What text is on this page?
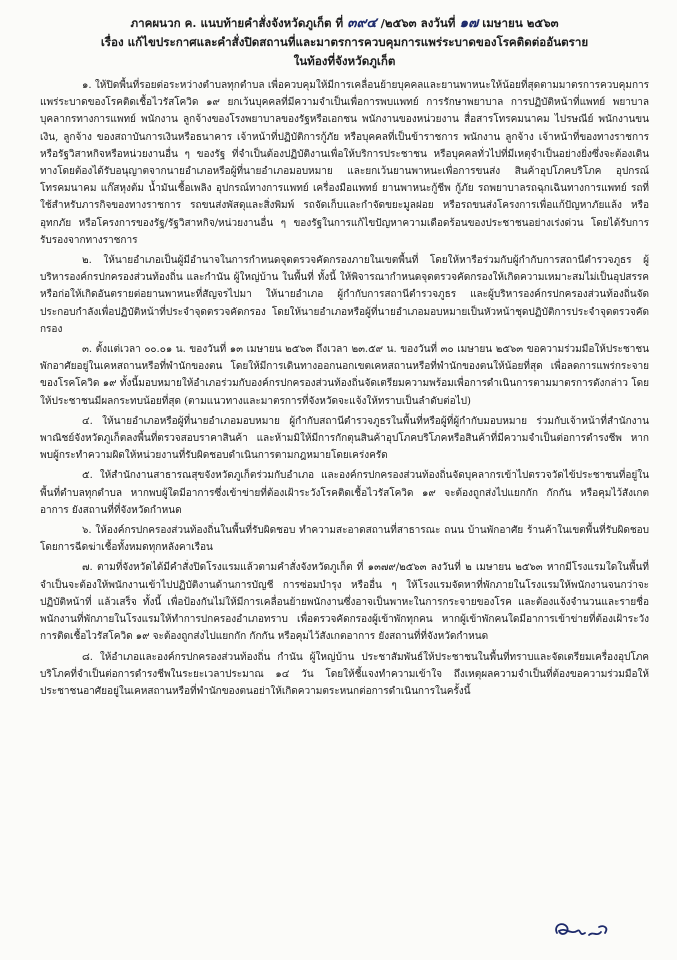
ภาคผนวก ค. แนบท้ายคำสั่งจังหวัดภูเก็ต ที่ ๓๙๔ /๒๕๖๓ ลงวันที่ ๑๗ เมษายน ๒๕๖๓
เรื่อง แก้ไขประกาศและคำสั่งปิดสถานที่และมาตรการควบคุมการแพร่ระบาดของโรคติดต่ออันตราย
ในท้องที่จังหวัดภูเก็ต

๑. ให้ปิดพื้นที่รอยต่อระหว่างตำบลทุกตำบล เพื่อควบคุมให้มีการเคลื่อนย้ายบุคคลและยานพาหนะให้น้อยที่สุดตามมาตรการควบคุมการแพร่ระบาดของโรคติดเชื้อไวรัสโควิด ๑๙ ยกเว้นบุคคลที่มีความจำเป็นเพื่อการพบแพทย์ การรักษาพยาบาล การปฏิบัติหน้าที่แพทย์ พยาบาล บุคลากรทางการแพทย์ พนักงาน ลูกจ้างของโรงพยาบาลของรัฐหรือเอกชน พนักงานของหน่วยงาน สื่อสารโทรคมนาคม ไปรษณีย์ พนักงานขนเงิน, ลูกจ้าง ของสถาบันการเงินหรือธนาคาร เจ้าหน้าที่ปฏิบัติการกู้ภัย หรือบุคคลที่เป็นข้าราชการ พนักงาน ลูกจ้าง เจ้าหน้าที่ของทางราชการหรือรัฐวิสาหกิจหรือหน่วยงานอื่น ๆ ของรัฐ ที่จำเป็นต้องปฏิบัติงานเพื่อให้บริการประชาชน หรือบุคคลทั่วไปที่มีเหตุจำเป็นอย่างยิ่งซึ่งจะต้องเดินทางโดยต้องได้รับอนุญาตจากนายอำเภอหรือผู้ที่นายอำเภอมอบหมาย และยกเว้นยานพาหนะเพื่อการขนส่ง สินค้าอุปโภคบริโภค อุปกรณ์โทรคมนาคม แก๊สหุงต้ม น้ำมันเชื้อเพลิง อุปกรณ์ทางการแพทย์ เครื่องมือแพทย์ ยานพาหนะกู้ชีพ กู้ภัย รถพยาบาลรถฉุกเฉินทางการแพทย์ รถที่ใช้สำหรับภารกิจของทางราชการ รถขนส่งพัสดุและสิ่งพิมพ์ รถจัดเก็บและกำจัดขยะมูลฝอย หรือรถขนส่งโครงการเพื่อแก้ปัญหาภัยแล้ง หรืออุทกภัย หรือโครงการของรัฐ/รัฐวิสาหกิจ/หน่วยงานอื่น ๆ ของรัฐในการแก้ไขปัญหาความเดือดร้อนของประชาชนอย่างเร่งด่วน โดยได้รับการรับรองจากทางราชการ

๒. ให้นายอำเภอเป็นผู้มีอำนาจในการกำหนดจุดตรวจคัดกรองภายในเขตพื้นที่ โดยให้หารือร่วมกับผู้กำกับการสถานีตำรวจภูธร ผู้บริหารองค์กรปกครองส่วนท้องถิ่น และกำนัน ผู้ใหญ่บ้าน ในพื้นที่ ทั้งนี้ ให้พิจารณากำหนดจุดตรวจคัดกรองให้เกิดความเหมาะสมไม่เป็นอุปสรรคหรือก่อให้เกิดอันตรายต่อยานพาหนะที่สัญจรไปมา ให้นายอำเภอ ผู้กำกับการสถานีตำรวจภูธร และผู้บริหารองค์กรปกครองส่วนท้องถิ่นจัดประกอบกำลังเพื่อปฏิบัติหน้าที่ประจำจุดตรวจคัดกรอง โดยให้นายอำเภอหรือผู้ที่นายอำเภอมอบหมายเป็นหัวหน้าชุดปฏิบัติการประจำจุดตรวจคัดกรอง

๓. ตั้งแต่เวลา ๐๐.๐๑ น. ของวันที่ ๑๓ เมษายน ๒๕๖๓ ถึงเวลา ๒๓.๕๙ น. ของวันที่ ๓๐ เมษายน ๒๕๖๓ ขอความร่วมมือให้ประชาชนพักอาศัยอยู่ในเคหสถานหรือที่พำนักของตน โดยให้มีการเดินทางออกนอกเขตเคหสถานหรือที่พำนักของตนให้น้อยที่สุด เพื่อลดการแพร่กระจายของโรคโควิด ๑๙ ทั้งนี้มอบหมายให้อำเภอร่วมกับองค์กรปกครองส่วนท้องถิ่นจัดเตรียมความพร้อมเพื่อการดำเนินการตามมาตรการดังกล่าว โดยให้ประชาชนมีผลกระทบน้อยที่สุด (ตามแนวทางและมาตรการที่จังหวัดจะแจ้งให้ทราบเป็นลำดับต่อไป)

๔. ให้นายอำเภอหรือผู้ที่นายอำเภอมอบหมาย ผู้กำกับสถานีตำรวจภูธรในพื้นที่หรือผู้ที่ผู้กำกับมอบหมาย ร่วมกับเจ้าหน้าที่สำนักงานพาณิชย์จังหวัดภูเก็ตลงพื้นที่ตรวจสอบราคาสินค้า และห้ามมิให้มีการกักตุนสินค้าอุปโภคบริโภคหรือสินค้าที่มีความจำเป็นต่อการดำรงชีพ หากพบผู้กระทำความผิดให้หน่วยงานที่รับผิดชอบดำเนินการตามกฎหมายโดยเคร่งครัด

๕. ให้สำนักงานสาธารณสุขจังหวัดภูเก็ตร่วมกับอำเภอ และองค์กรปกครองส่วนท้องถิ่นจัดบุคลากรเข้าไปตรวจวัดไข้ประชาชนที่อยู่ในพื้นที่ตำบลทุกตำบล หากพบผู้ใดมีอาการซึ่งเข้าข่ายที่ต้องเฝ้าระวังโรคติดเชื้อไวรัสโควิด ๑๙ จะต้องถูกส่งไปแยกกัก กักกัน หรือคุมไว้สังเกตอาการ ยังสถานที่ที่จังหวัดกำหนด

๖. ให้องค์กรปกครองส่วนท้องถิ่นในพื้นที่รับผิดชอบ ทำความสะอาดสถานที่สาธารณะ ถนน บ้านพักอาศัย ร้านค้าในเขตพื้นที่รับผิดชอบ โดยการฉีดฆ่าเชื้อทั้งหมดทุกหลังคาเรือน

๗. ตามที่จังหวัดได้มีคำสั่งปิดโรงแรมแล้วตามคำสั่งจังหวัดภูเก็ต ที่ ๑๓๗๙/๒๕๖๓ ลงวันที่ ๒ เมษายน ๒๕๖๓ หากมีโรงแรมใดในพื้นที่ จำเป็นจะต้องให้พนักงานเข้าไปปฏิบัติงานด้านการบัญชี การซ่อมบำรุง หรืออื่น ๆ ให้โรงแรมจัดหาที่พักภายในโรงแรมให้พนักงานจนกว่าจะปฏิบัติหน้าที่ แล้วเสร็จ ทั้งนี้ เพื่อป้องกันไม่ให้มีการเคลื่อนย้ายพนักงานซึ่งอาจเป็นพาหะในการกระจายของโรค และต้องแจ้งจำนวนและรายชื่อพนักงานที่พักภายในโรงแรมให้ทำการปกครองอำเภอทราบ เพื่อตรวจคัดกรองผู้เข้าพักทุกคน หากผู้เข้าพักคนใดมีอาการเข้าข่ายที่ต้องเฝ้าระวังการติดเชื้อไวรัสโควิด ๑๙ จะต้องถูกส่งไปแยกกัก กักกัน หรือคุมไว้สังเกตอาการ ยังสถานที่ที่จังหวัดกำหนด

๘. ให้อำเภอและองค์กรปกครองส่วนท้องถิ่น กำนัน ผู้ใหญ่บ้าน ประชาสัมพันธ์ให้ประชาชนในพื้นที่ทราบและจัดเตรียมเครื่องอุปโภคบริโภคที่จำเป็นต่อการดำรงชีพในระยะเวลาประมาณ ๑๔ วัน โดยให้ชี้แจงทำความเข้าใจ ถึงเหตุผลความจำเป็นที่ต้องขอความร่วมมือให้ประชาชนอาศัยอยู่ในเคหสถานหรือที่พำนักของตนอย่าให้เกิดความตระหนกต่อการดำเนินการในครั้งนี้
